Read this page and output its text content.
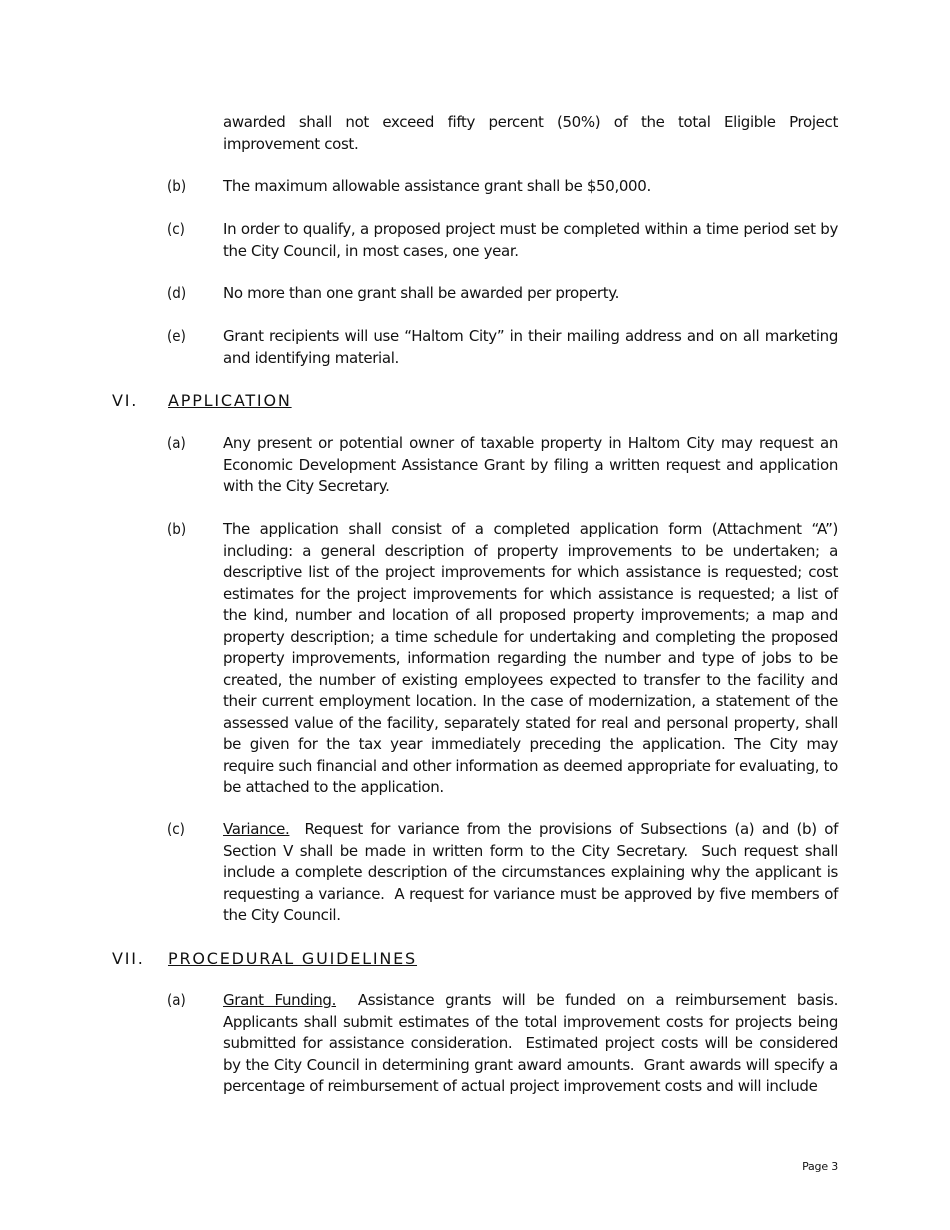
awarded shall not exceed fifty percent (50%) of the total Eligible Project improvement cost.
(b) The maximum allowable assistance grant shall be $50,000.
(c)	In order to qualify, a proposed project must be completed within a time period set by the City Council, in most cases, one year.
(d) No more than one grant shall be awarded per property.
(e) Grant recipients will use “Haltom City” in their mailing address and on all marketing and identifying material.
VI. APPLICATION
(a) Any present or potential owner of taxable property in Haltom City may request an Economic Development Assistance Grant by filing a written request and application with the City Secretary.
(b) The application shall consist of a completed application form (Attachment “A”) including: a general description of property improvements to be undertaken; a descriptive list of the project improvements for which assistance is requested; cost estimates for the project improvements for which assistance is requested; a list of the kind, number and location of all proposed property improvements; a map and property description; a time schedule for undertaking and completing the proposed property improvements, information regarding the number and type of jobs to be created, the number of existing employees expected to transfer to the facility and their current employment location. In the case of modernization, a statement of the assessed value of the facility, separately stated for real and personal property, shall be given for the tax year immediately preceding the application. The City may require such financial and other information as deemed appropriate for evaluating, to be attached to the application.
(c)	Variance.  Request for variance from the provisions of Subsections (a) and (b) of Section V shall be made in written form to the City Secretary.  Such request shall include a complete description of the circumstances explaining why the applicant is requesting a variance.  A request for variance must be approved by five members of the City Council.
VII. PROCEDURAL GUIDELINES
(a) Grant Funding.  Assistance grants will be funded on a reimbursement basis. Applicants shall submit estimates of the total improvement costs for projects being submitted for assistance consideration.  Estimated project costs will be considered by the City Council in determining grant award amounts.  Grant awards will specify a percentage of reimbursement of actual project improvement costs and will include
Page 3
